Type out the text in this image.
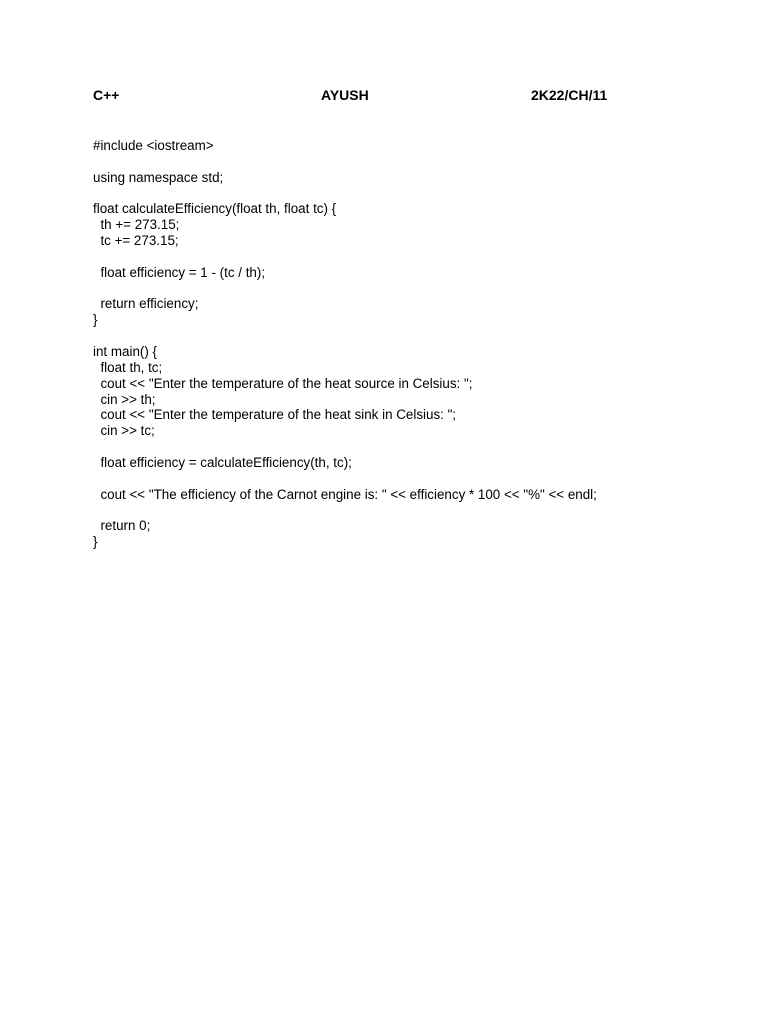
C++	AYUSH	2K22/CH/11
#include <iostream>
using namespace std;
float calculateEfficiency(float th, float tc) {
th += 273.15;
tc += 273.15;
float efficiency = 1 - (tc / th);
return efficiency;
}
int main() {
float th, tc;
cout << "Enter the temperature of the heat source in Celsius: ";
cin >> th;
cout << "Enter the temperature of the heat sink in Celsius: ";
cin >> tc;
float efficiency = calculateEfficiency(th, tc);
cout << "The efficiency of the Carnot engine is: " << efficiency * 100 << "%" << endl;
return 0;
}
